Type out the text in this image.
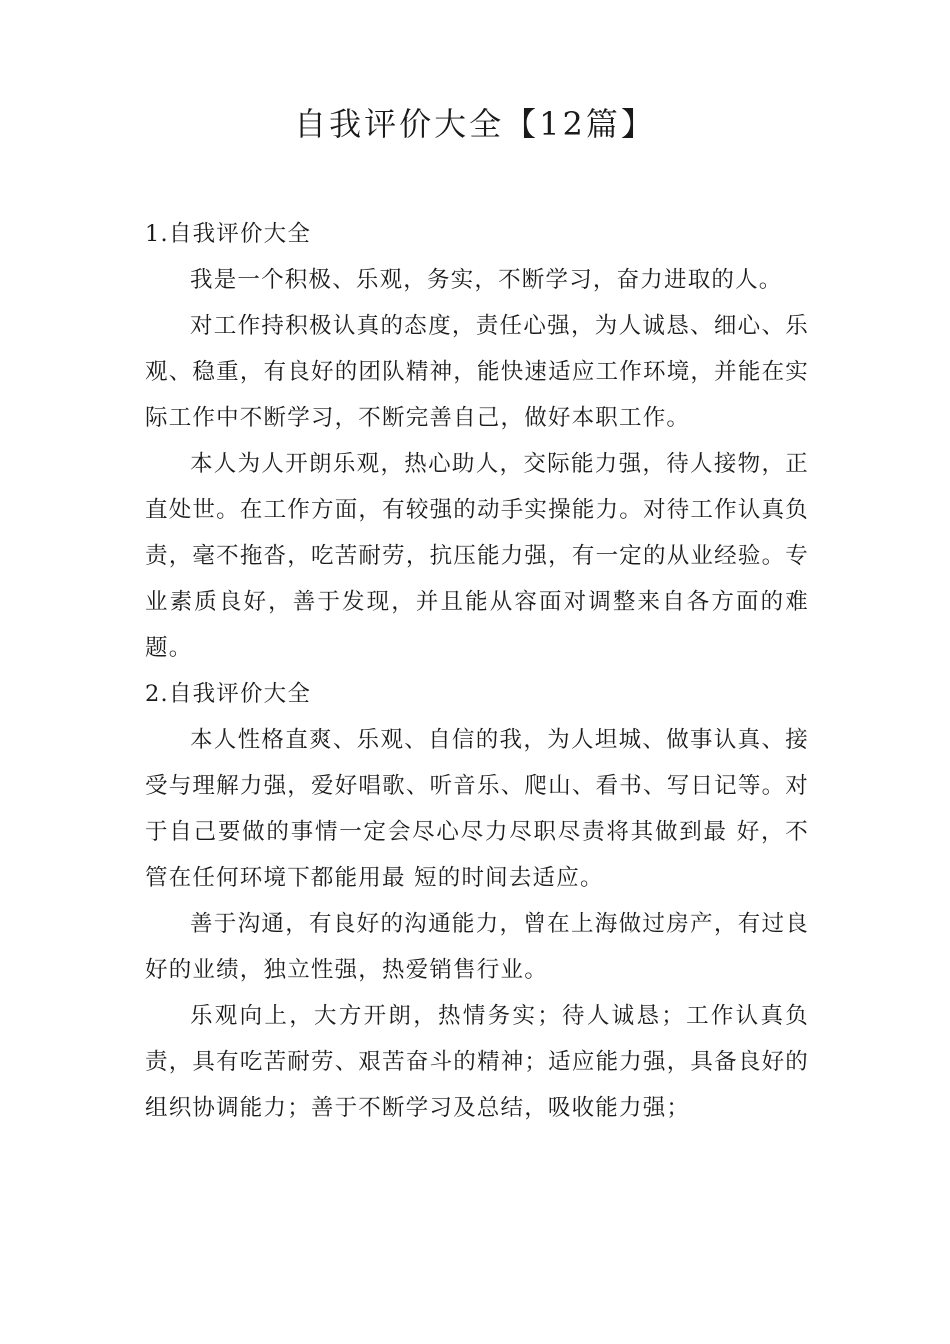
自我评价大全【12篇】

1.自我评价大全

我是一个积极、乐观，务实，不断学习，奋力进取的人。

对工作持积极认真的态度，责任心强，为人诚恳、细心、乐观、稳重，有良好的团队精神，能快速适应工作环境，并能在实际工作中不断学习，不断完善自己，做好本职工作。

本人为人开朗乐观，热心助人，交际能力强，待人接物，正直处世。在工作方面，有较强的动手实操能力。对待工作认真负责，毫不拖沓，吃苦耐劳，抗压能力强，有一定的从业经验。专业素质良好，善于发现，并且能从容面对调整来自各方面的难题。

2.自我评价大全

本人性格直爽、乐观、自信的我，为人坦城、做事认真、接受与理解力强，爱好唱歌、听音乐、爬山、看书、写日记等。对于自己要做的事情一定会尽心尽力尽职尽责将其做到最 好，不管在任何环境下都能用最 短的时间去适应。

善于沟通，有良好的沟通能力，曾在上海做过房产，有过良好的业绩，独立性强，热爱销售行业。

乐观向上，大方开朗，热情务实；待人诚恳；工作认真负责，具有吃苦耐劳、艰苦奋斗的精神；适应能力强，具备良好的组织协调能力；善于不断学习及总结，吸收能力强；
